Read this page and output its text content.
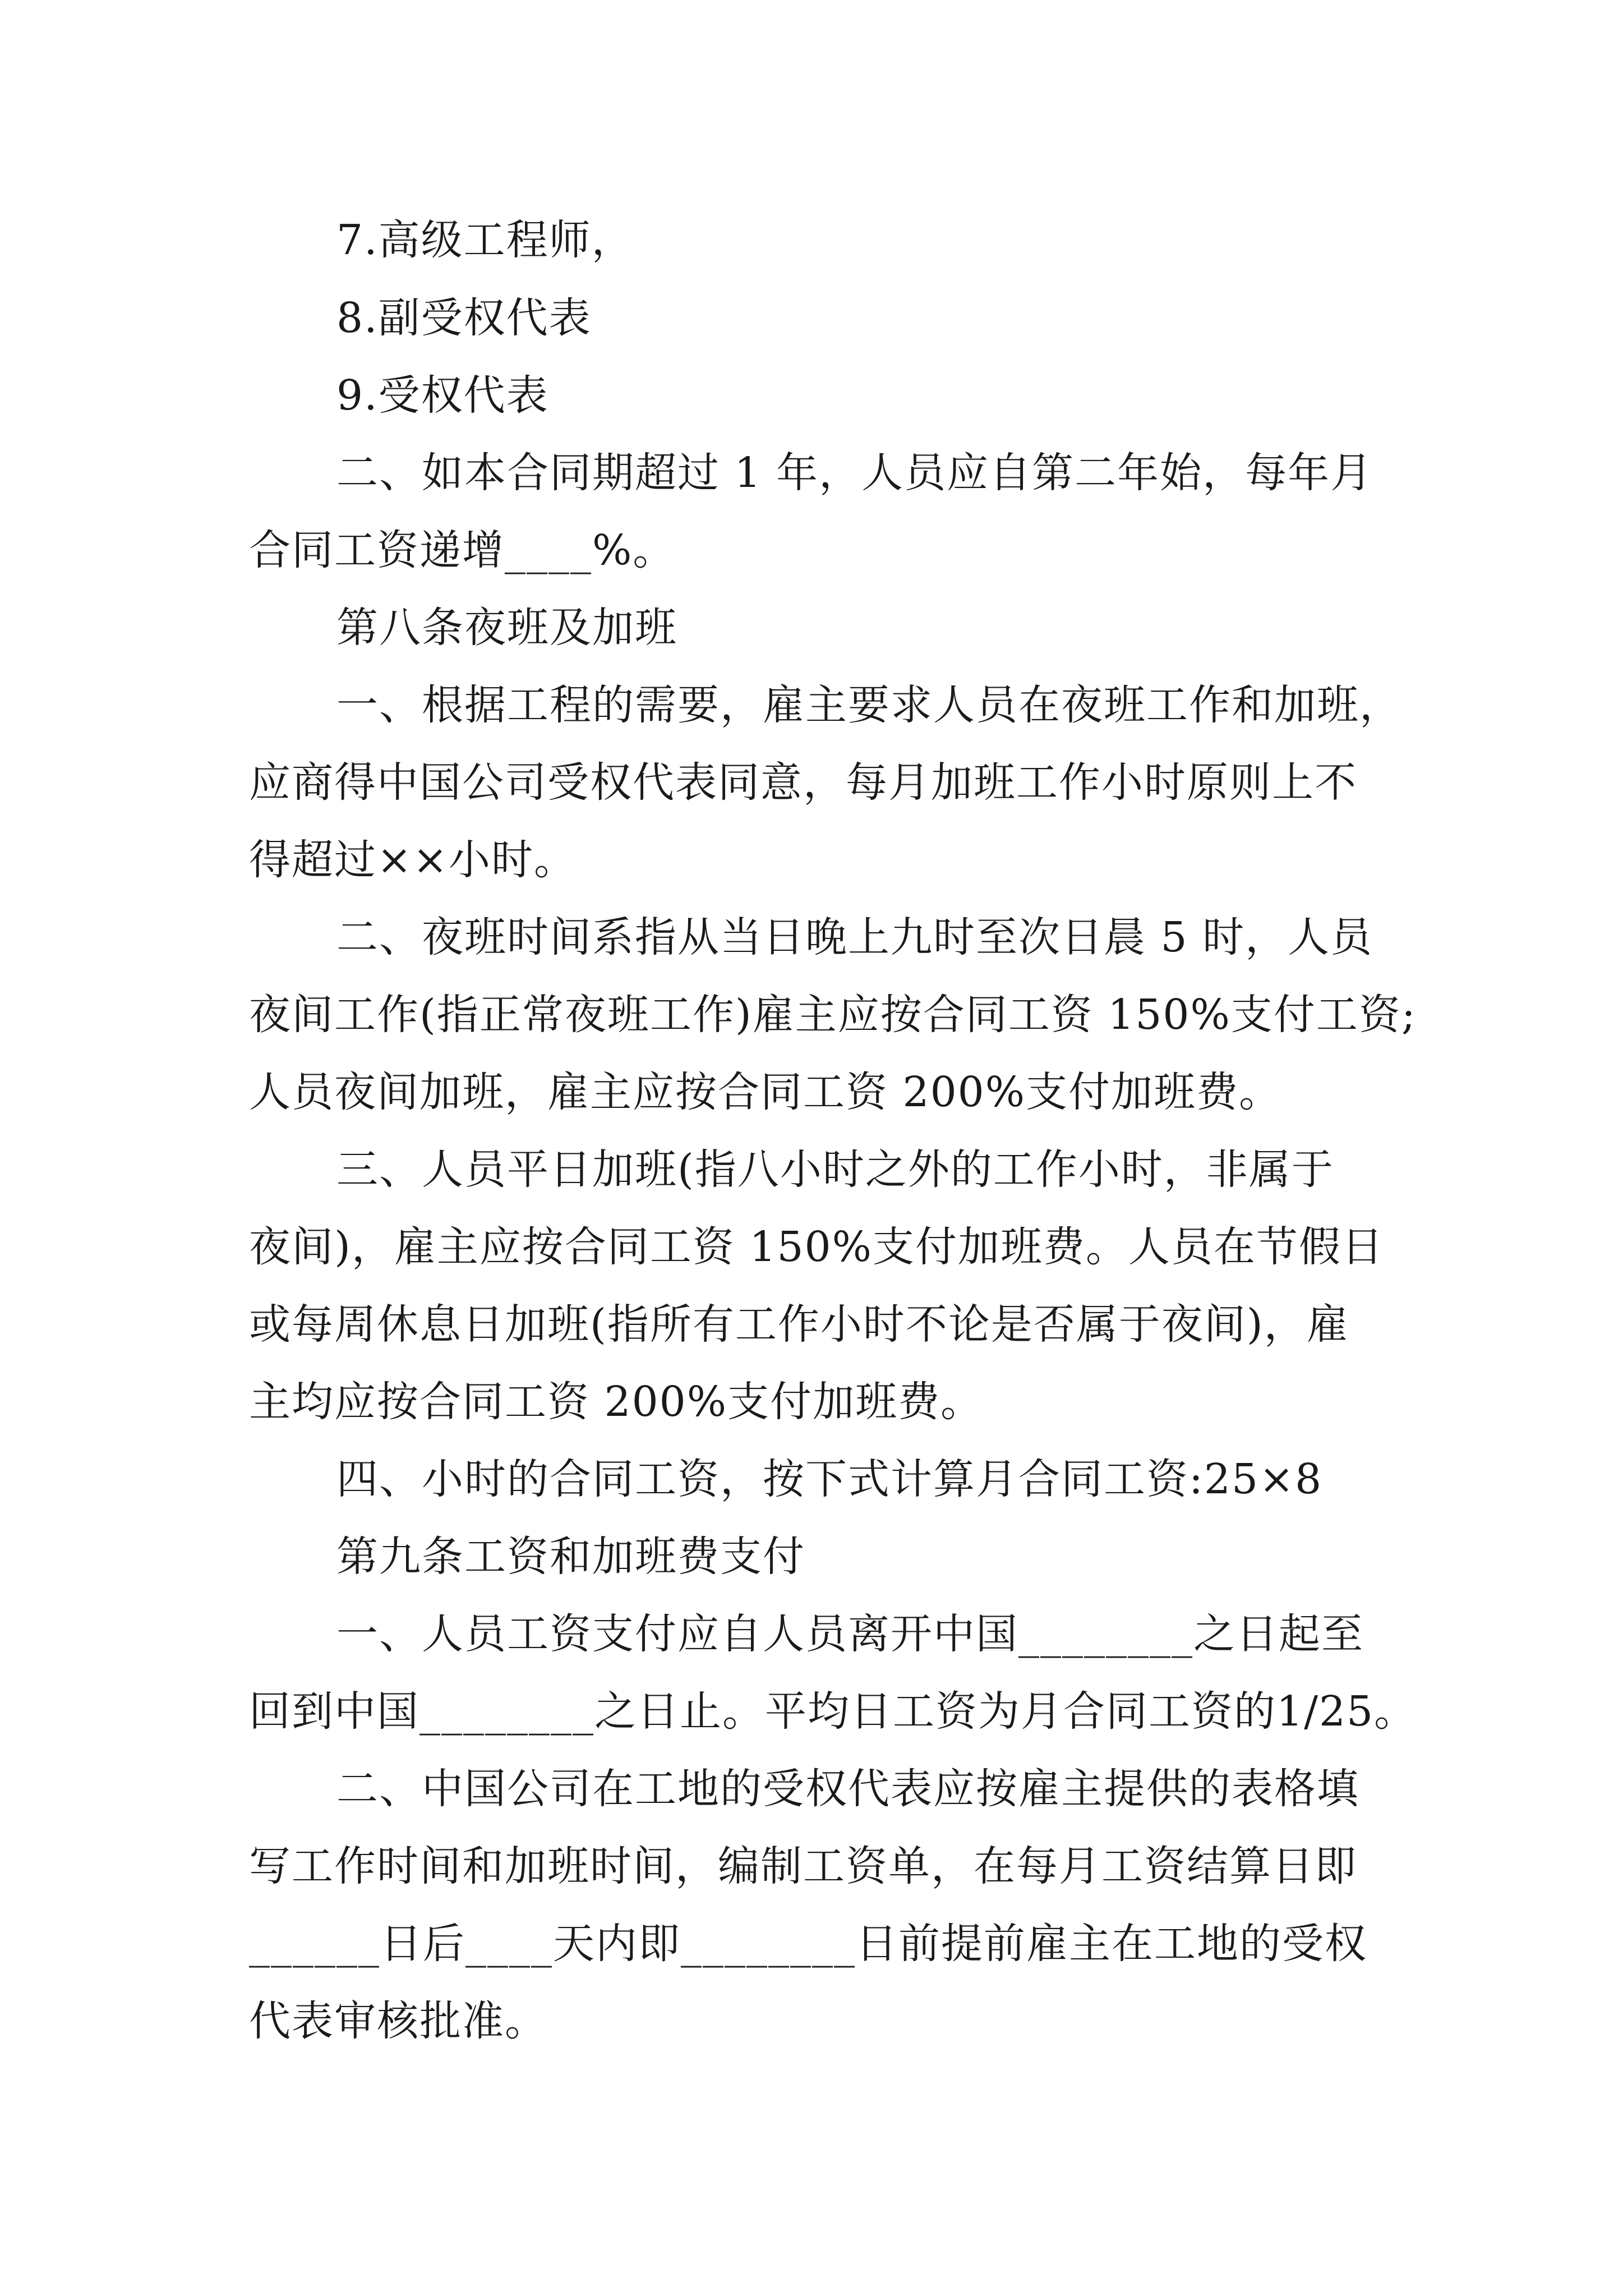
7.高级工程师，
8.副受权代表
9.受权代表
二、如本合同期超过 1 年，人员应自第二年始，每年月
合同工资递增____%。
第八条夜班及加班
一、根据工程的需要，雇主要求人员在夜班工作和加班，
应商得中国公司受权代表同意，每月加班工作小时原则上不
得超过××小时。
二、夜班时间系指从当日晚上九时至次日晨 5 时，人员
夜间工作(指正常夜班工作)雇主应按合同工资 150%支付工资;
人员夜间加班，雇主应按合同工资 200%支付加班费。
三、人员平日加班(指八小时之外的工作小时，非属于
夜间)，雇主应按合同工资 150%支付加班费。人员在节假日
或每周休息日加班(指所有工作小时不论是否属于夜间)，雇
主均应按合同工资 200%支付加班费。
四、小时的合同工资，按下式计算月合同工资:25×8
第九条工资和加班费支付
一、人员工资支付应自人员离开中国________之日起至
回到中国________之日止。平均日工资为月合同工资的1/25。
二、中国公司在工地的受权代表应按雇主提供的表格填
写工作时间和加班时间，编制工资单，在每月工资结算日即
______日后____天内即________日前提前雇主在工地的受权
代表审核批准。
